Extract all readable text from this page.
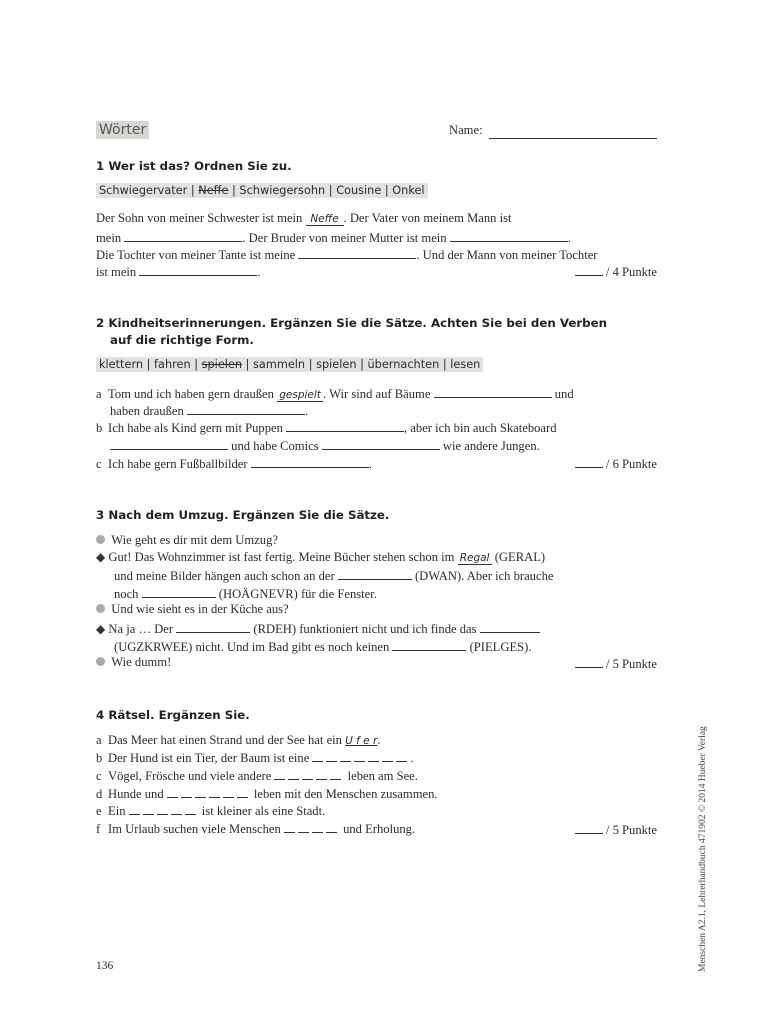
Wörter	Name:
1 Wer ist das? Ordnen Sie zu.
Schwiegervater | Neffe | Schwiegersohn | Cousine | Onkel
Der Sohn von meiner Schwester ist mein Neffe . Der Vater von meinem Mann ist
mein	. Der Bruder von meiner Mutter ist mein	.
Die Tochter von meiner Tante ist meine	. Und der Mann von meiner Tochter
ist mein	.	/ 4 Punkte
2 Kindheitserinnerungen. Ergänzen Sie die Sätze. Achten Sie bei den Verben
auf die richtige Form.
klettern | fahren | spielen | sammeln | spielen | übernachten | lesen
a Tom und ich haben gern draußen gespielt . Wir sind auf Bäume	und
haben draußen	.
b Ich habe als Kind gern mit Puppen	, aber ich bin auch Skateboard
und habe Comics	wie andere Jungen.
c Ich habe gern Fußballbilder	.	/ 6 Punkte
3 Nach dem Umzug. Ergänzen Sie die Sätze.
Wie geht es dir mit dem Umzug?
◆ Gut! Das Wohnzimmer ist fast fertig. Meine Bücher stehen schon im Regal (GERAL)
und meine Bilder hängen auch schon an der	(DWAN). Aber ich brauche
noch	(HOÄGNEVR) für die Fenster.
Und wie sieht es in der Küche aus?
◆ Na ja … Der	(RDEH) funktioniert nicht und ich finde das
(UGZKRWEE) nicht. Und im Bad gibt es noch keinen	(PIELGES).
Wie dumm!	/ 5 Punkte
4 Rätsel. Ergänzen Sie.
a Das Meer hat einen Strand und der See hat ein U f e r.
b Der Hund ist ein Tier, der Baum ist eine	.
c Vögel, Frösche und viele andere	leben am See.
d Hunde und	leben mit den Menschen zusammen.
e Ein	ist kleiner als eine Stadt.
f Im Urlaub suchen viele Menschen	und Erholung.	/ 5 Punkte
136	Menschen A2.1, Lehrerhandbuch 471902 © 2014 Hueber Verlag
